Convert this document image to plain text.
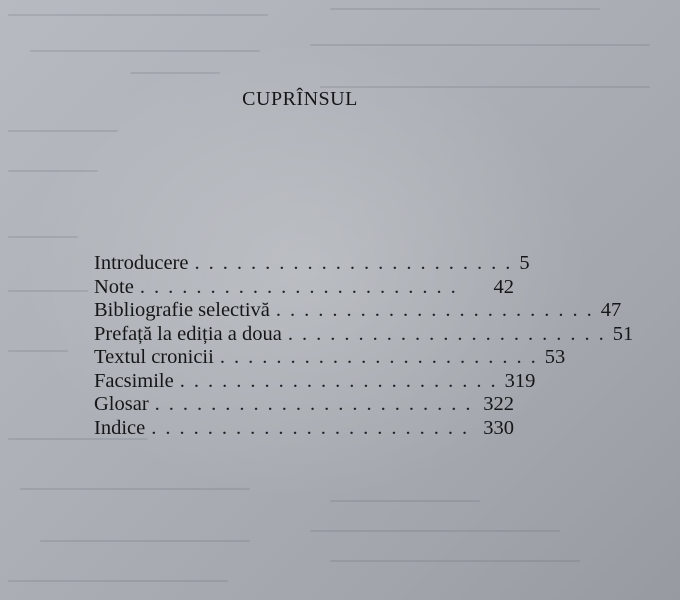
CUPRÎNSUL
Introducere ....................... 5
Note .......................	42
Bibliografie selectivă ....................... 47
Prefață la ediția a doua ....................... 51
Textul cronicii ....................... 53
Facsimile ....................... 319
Glosar ....................... 322
Indice ....................... 330
